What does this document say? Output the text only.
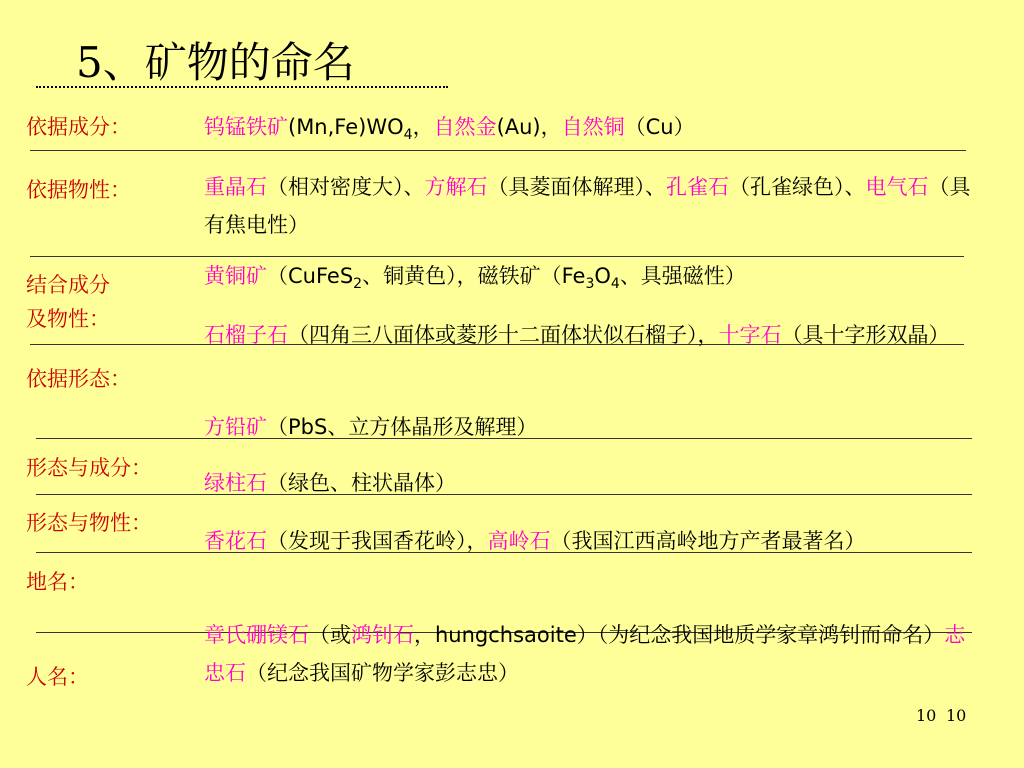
5、矿物的命名
依据成分：
依据物性：
结合成分
及物性：
依据形态：
形态与成分：
形态与物性：
地名：
人名：
钨锰铁矿$(Mn,Fe)WO_4$，自然金(Au)，自然铜（Cu）
重晶石（相对密度大）、方解石（具菱面体解理）、孔雀石（孔雀绿色）、电气石（具有焦电性）
黄铜矿（CuFeS$_2$、铜黄色），磁铁矿（$Fe_3O_4$、具强磁性）
石榴子石（四角三八面体或菱形十二面体状似石榴子），十字石（具十字形双晶）
方铅矿（PbS、立方体晶形及解理）
绿柱石（绿色、柱状晶体）
香花石（发现于我国香花岭），高岭石（我国江西高岭地方产者最著名）
章氏硼镁石（或鸿钊石，hungchsaoite）（为纪念我国地质学家章鸿钊而命名）志忠石（纪念我国矿物学家彭志忠）
10 10
